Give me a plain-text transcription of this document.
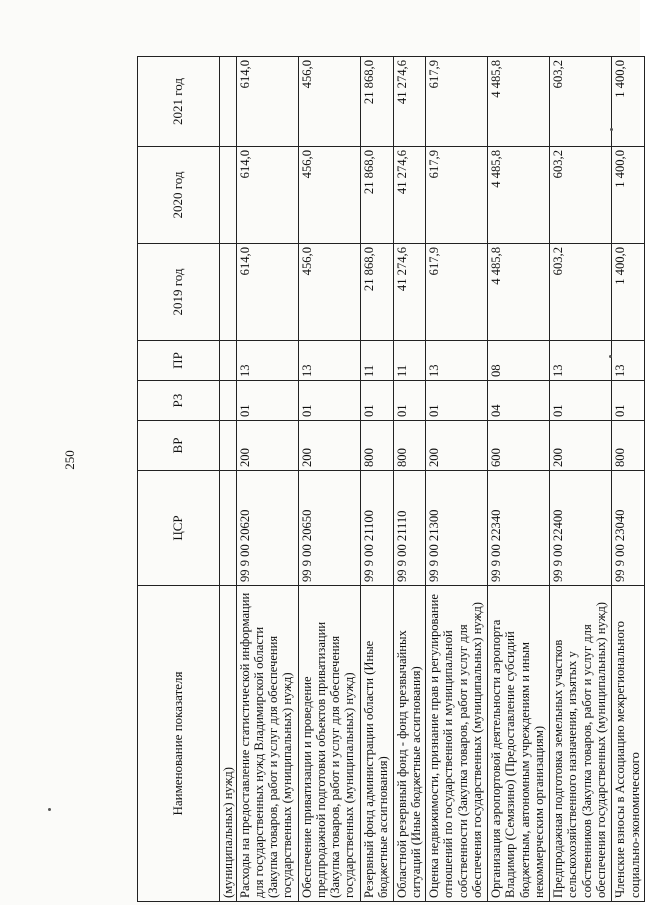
250
Наименование показателя	ЦСР	ВР	РЗ	ПР	2019 год	2020 год	2021 год
(муниципальных) нужд)							
Расходы на предоставление статистической информации для государственных нужд Владимирской области (Закупка товаров, работ и услуг для обеспечения государственных (муниципальных) нужд)	99 9 00 20620	200	01	13	614,0	614,0	614,0
Обеспечение приватизации и проведение предпродажной подготовки объектов приватизации (Закупка товаров, работ и услуг для обеспечения государственных (муниципальных) нужд)	99 9 00 20650	200	01	13	456,0	456,0	456,0
Резервный фонд администрации области (Иные бюджетные ассигнования)	99 9 00 21100	800	01	11	21 868,0	21 868,0	21 868,0
Областной резервный фонд - фонд чрезвычайных ситуаций (Иные бюджетные ассигнования)	99 9 00 21110	800	01	11	41 274,6	41 274,6	41 274,6
Оценка недвижимости, признание прав и регулирование отношений по государственной и муниципальной собственности (Закупка товаров, работ и услуг для обеспечения государственных (муниципальных) нужд)	99 9 00 21300	200	01	13	617,9	617,9	617,9
Организация аэропортовой деятельности аэропорта Владимир (Семязино) (Предоставление субсидий бюджетным, автономным учреждениям и иным некоммерческим организациям)	99 9 00 22340	600	04	08	4 485,8	4 485,8	4 485,8
Предпродажная подготовка земельных участков сельскохозяйственного назначения, изъятых у собственников (Закупка товаров, работ и услуг для обеспечения государственных (муниципальных) нужд)	99 9 00 22400	200	01	13	603,2	603,2	603,2
Членские взносы в Ассоциацию межрегионального социально-экономического	99 9 00 23040	800	01	13	1 400,0	1 400,0	1 400,0
